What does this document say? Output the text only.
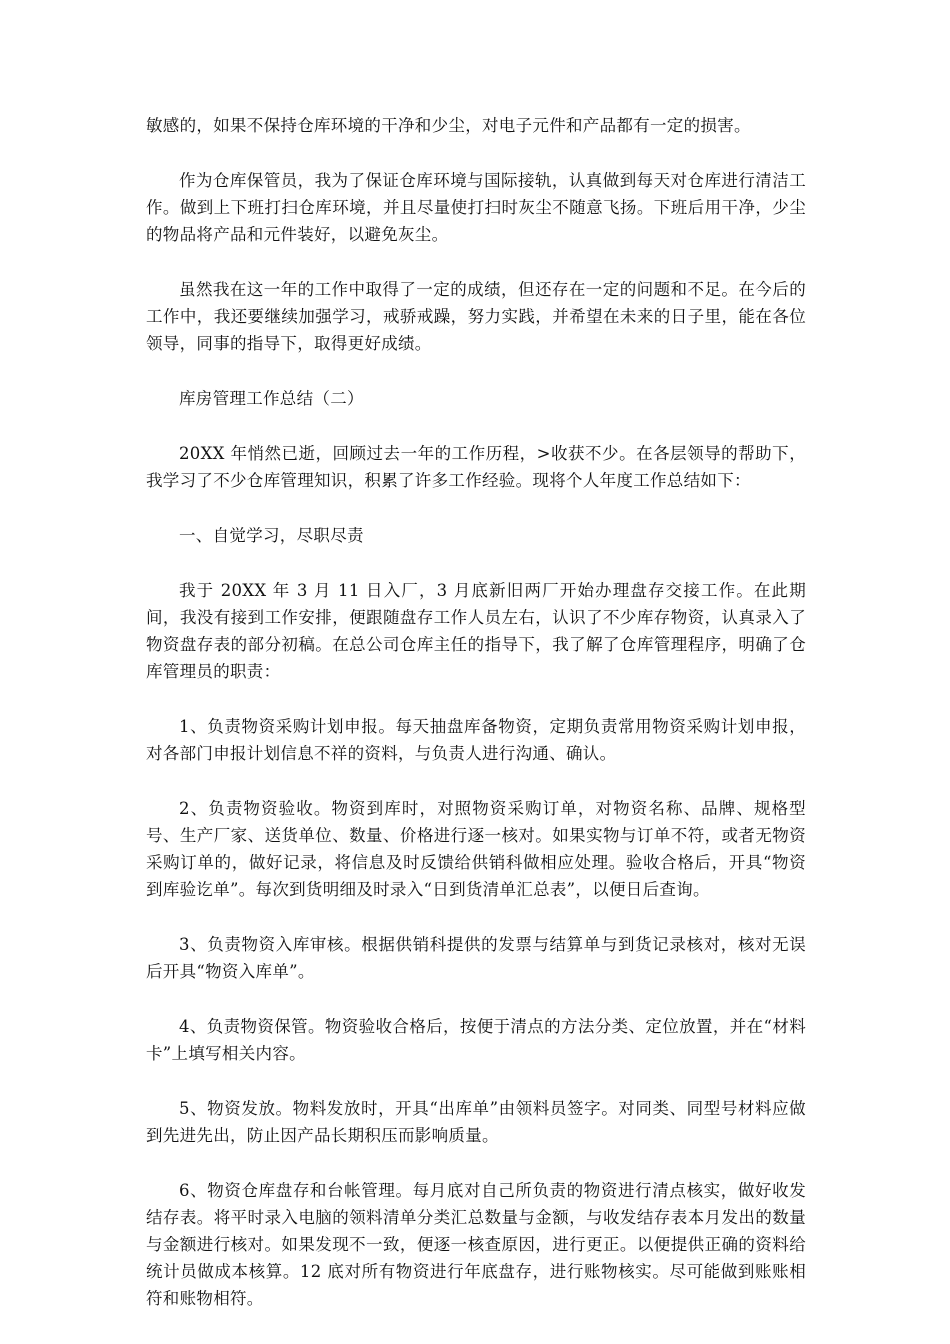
敏感的，如果不保持仓库环境的干净和少尘，对电子元件和产品都有一定的损害。

作为仓库保管员，我为了保证仓库环境与国际接轨，认真做到每天对仓库进行清洁工作。做到上下班打扫仓库环境，并且尽量使打扫时灰尘不随意飞扬。下班后用干净，少尘的物品将产品和元件装好，以避免灰尘。

虽然我在这一年的工作中取得了一定的成绩，但还存在一定的问题和不足。在今后的工作中，我还要继续加强学习，戒骄戒躁，努力实践，并希望在未来的日子里，能在各位领导，同事的指导下，取得更好成绩。

库房管理工作总结（二）

20XX 年悄然已逝，回顾过去一年的工作历程，>收获不少。在各层领导的帮助下，我学习了不少仓库管理知识，积累了许多工作经验。现将个人年度工作总结如下：

一、自觉学习，尽职尽责

我于 20XX 年 3 月 11 日入厂，3 月底新旧两厂开始办理盘存交接工作。在此期间，我没有接到工作安排，便跟随盘存工作人员左右，认识了不少库存物资，认真录入了物资盘存表的部分初稿。在总公司仓库主任的指导下，我了解了仓库管理程序，明确了仓库管理员的职责：

1、负责物资采购计划申报。每天抽盘库备物资，定期负责常用物资采购计划申报，对各部门申报计划信息不祥的资料，与负责人进行沟通、确认。

2、负责物资验收。物资到库时，对照物资采购订单，对物资名称、品牌、规格型号、生产厂家、送货单位、数量、价格进行逐一核对。如果实物与订单不符，或者无物资采购订单的，做好记录，将信息及时反馈给供销科做相应处理。验收合格后，开具“物资到库验讫单”。每次到货明细及时录入“日到货清单汇总表”，以便日后查询。

3、负责物资入库审核。根据供销科提供的发票与结算单与到货记录核对，核对无误后开具“物资入库单”。

4、负责物资保管。物资验收合格后，按便于清点的方法分类、定位放置，并在“材料卡”上填写相关内容。

5、物资发放。物料发放时，开具“出库单”由领料员签字。对同类、同型号材料应做到先进先出，防止因产品长期积压而影响质量。

6、物资仓库盘存和台帐管理。每月底对自己所负责的物资进行清点核实，做好收发结存表。将平时录入电脑的领料清单分类汇总数量与金额，与收发结存表本月发出的数量与金额进行核对。如果发现不一致，便逐一核查原因，进行更正。以便提供正确的资料给统计员做成本核算。12 底对所有物资进行年底盘存，进行账物核实。尽可能做到账账相符和账物相符。
